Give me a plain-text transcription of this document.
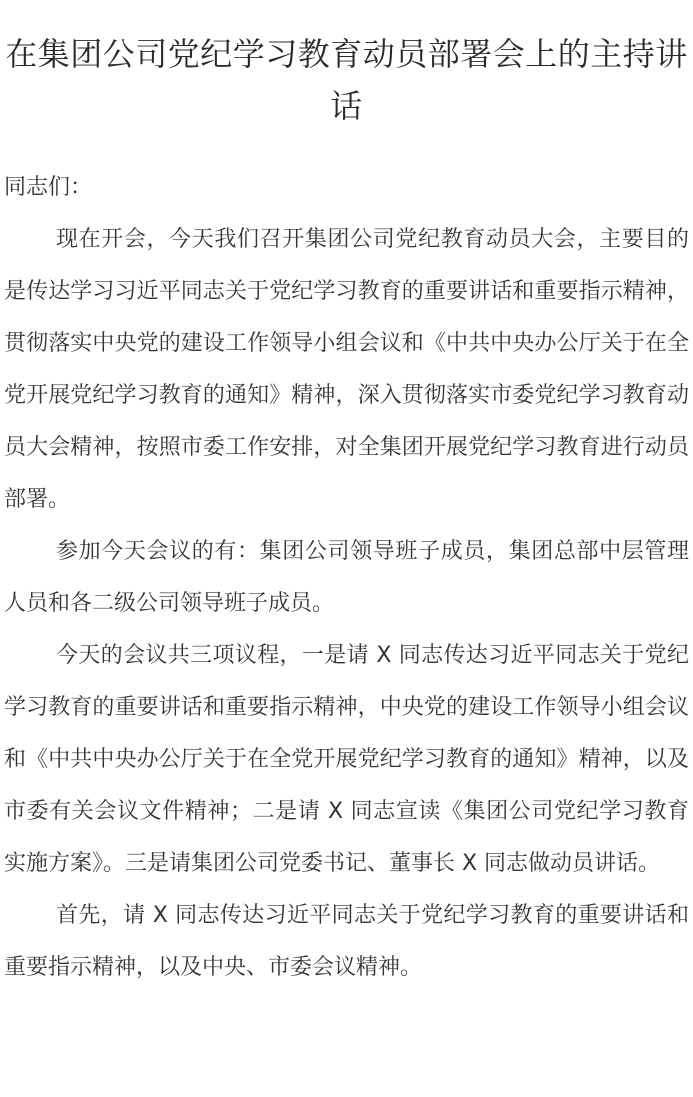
在集团公司党纪学习教育动员部署会上的主持讲话

同志们：

现在开会，今天我们召开集团公司党纪教育动员大会，主要目的是传达学习习近平同志关于党纪学习教育的重要讲话和重要指示精神，贯彻落实中央党的建设工作领导小组会议和《中共中央办公厅关于在全党开展党纪学习教育的通知》精神，深入贯彻落实市委党纪学习教育动员大会精神，按照市委工作安排，对全集团开展党纪学习教育进行动员部署。

参加今天会议的有：集团公司领导班子成员，集团总部中层管理人员和各二级公司领导班子成员。

今天的会议共三项议程，一是请 X 同志传达习近平同志关于党纪学习教育的重要讲话和重要指示精神，中央党的建设工作领导小组会议和《中共中央办公厅关于在全党开展党纪学习教育的通知》精神，以及市委有关会议文件精神；二是请 X 同志宣读《集团公司党纪学习教育实施方案》。三是请集团公司党委书记、董事长 X 同志做动员讲话。

首先，请 X 同志传达习近平同志关于党纪学习教育的重要讲话和重要指示精神，以及中央、市委会议精神。
